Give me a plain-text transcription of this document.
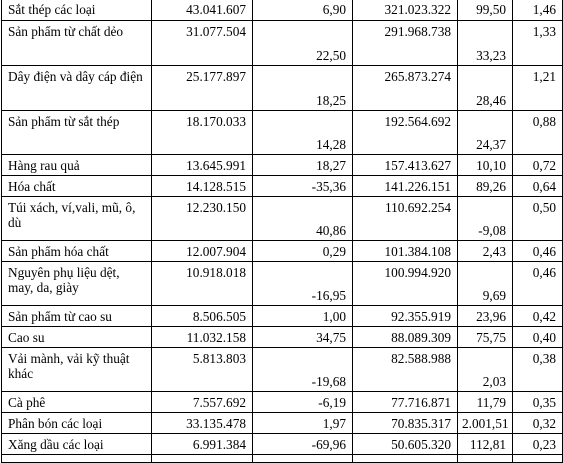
Sắt thép các loại	43.041.607	6,90	321.023.322	99,50	1,46

Sản phẩm từ chất dẻo	31.077.504	22,50	291.968.738	33,23	1,33

Dây điện và dây cáp điện	25.177.897	18,25	265.873.274	28,46	1,21

Sản phẩm từ sắt thép	18.170.033	14,28	192.564.692	24,37	0,88

Hàng rau quả	13.645.991	18,27	157.413.627	10,10	0,72

Hóa chất	14.128.515	-35,36	141.226.151	89,26	0,64

Túi xách, ví,vali, mũ, ô, dù	12.230.150	40,86	110.692.254	-9,08	0,50

Sản phẩm hóa chất	12.007.904	0,29	101.384.108	2,43	0,46

Nguyên phụ liệu dệt, may, da, giày	10.918.018	-16,95	100.994.920	9,69	0,46

Sản phẩm từ cao su	8.506.505	1,00	92.355.919	23,96	0,42

Cao su	11.032.158	34,75	88.089.309	75,75	0,40

Vải mành, vải kỹ thuật khác	5.813.803	-19,68	82.588.988	2,03	0,38

Cà phê	7.557.692	-6,19	77.716.871	11,79	0,35

Phân bón các loại	33.135.478	1,97	70.835.317	2.001,51	0,32

Xăng dầu các loại	6.991.384	-69,96	50.605.320	112,81	0,23
